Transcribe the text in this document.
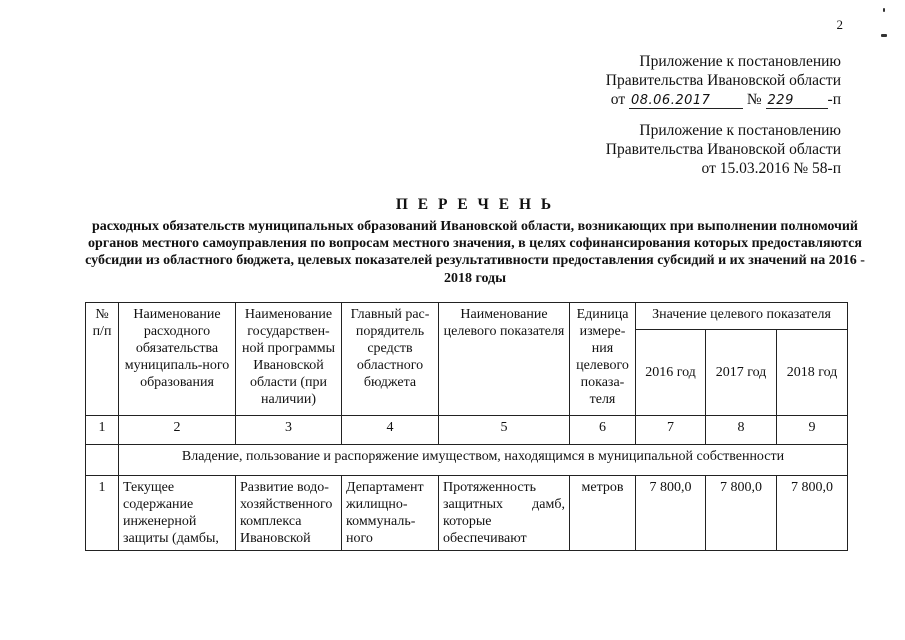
2
Приложение к постановлению
Правительства Ивановской области
от 08.06.2017 № 229 -п
Приложение к постановлению
Правительства Ивановской области
от 15.03.2016 № 58-п
П Е Р Е Ч Е Н Ь
расходных обязательств муниципальных образований Ивановской области, возникающих при выполнении полномочий органов местного самоуправления по вопросам местного значения, в целях софинансирования которых предоставляются субсидии из областного бюджета, целевых показателей результативности предоставления субсидий и их значений на 2016 - 2018 годы
№ п/п	Наименование расходного обязательства муниципаль-ного образования	Наименование государствен-ной программы Ивановской области (при наличии)	Главный рас-порядитель средств областного бюджета	Наименование целевого показателя	Единица измере-ния целевого показа-теля	Значение целевого показателя		
						2016 год	2017 год	2018 год
1	2	3	4	5	6	7	8	9
	Владение, пользование и распоряжение имуществом, находящимся в муниципальной собственности							
1	Текущее содержание инженерной защиты (дамбы,	Развитие водо-хозяйственного комплекса Ивановской	Департамент жилищно-коммуналь-ного	Протяженность защитных дамб, которые обеспечивают	метров	7 800,0	7 800,0	7 800,0
